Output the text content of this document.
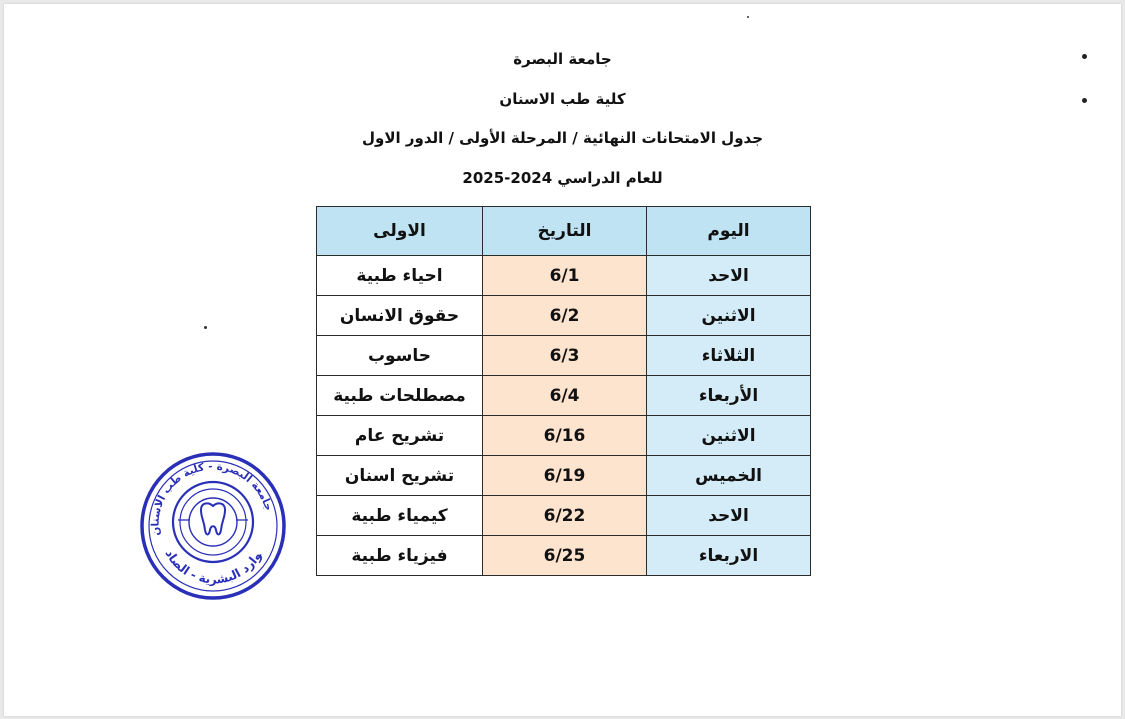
جامعة البصرة
كلية طب الاسنان
جدول الامتحانات النهائية / المرحلة الأولى / الدور الاول
للعام الدراسي 2024-2025
اليوم	التاريخ	الاولى
الاحد	6/1	احياء طبية
الاثنين	6/2	حقوق الانسان
الثلاثاء	6/3	حاسوب
الأربعاء	6/4	مصطلحات طبية
الاثنين	6/16	تشريح عام
الخميس	6/19	تشريح اسنان
الاحد	6/22	كيمياء طبية
الاربعاء	6/25	فيزياء طبية
جامعة البصرة - كلية طب الاسنان
وارد البشرية - الصاد
